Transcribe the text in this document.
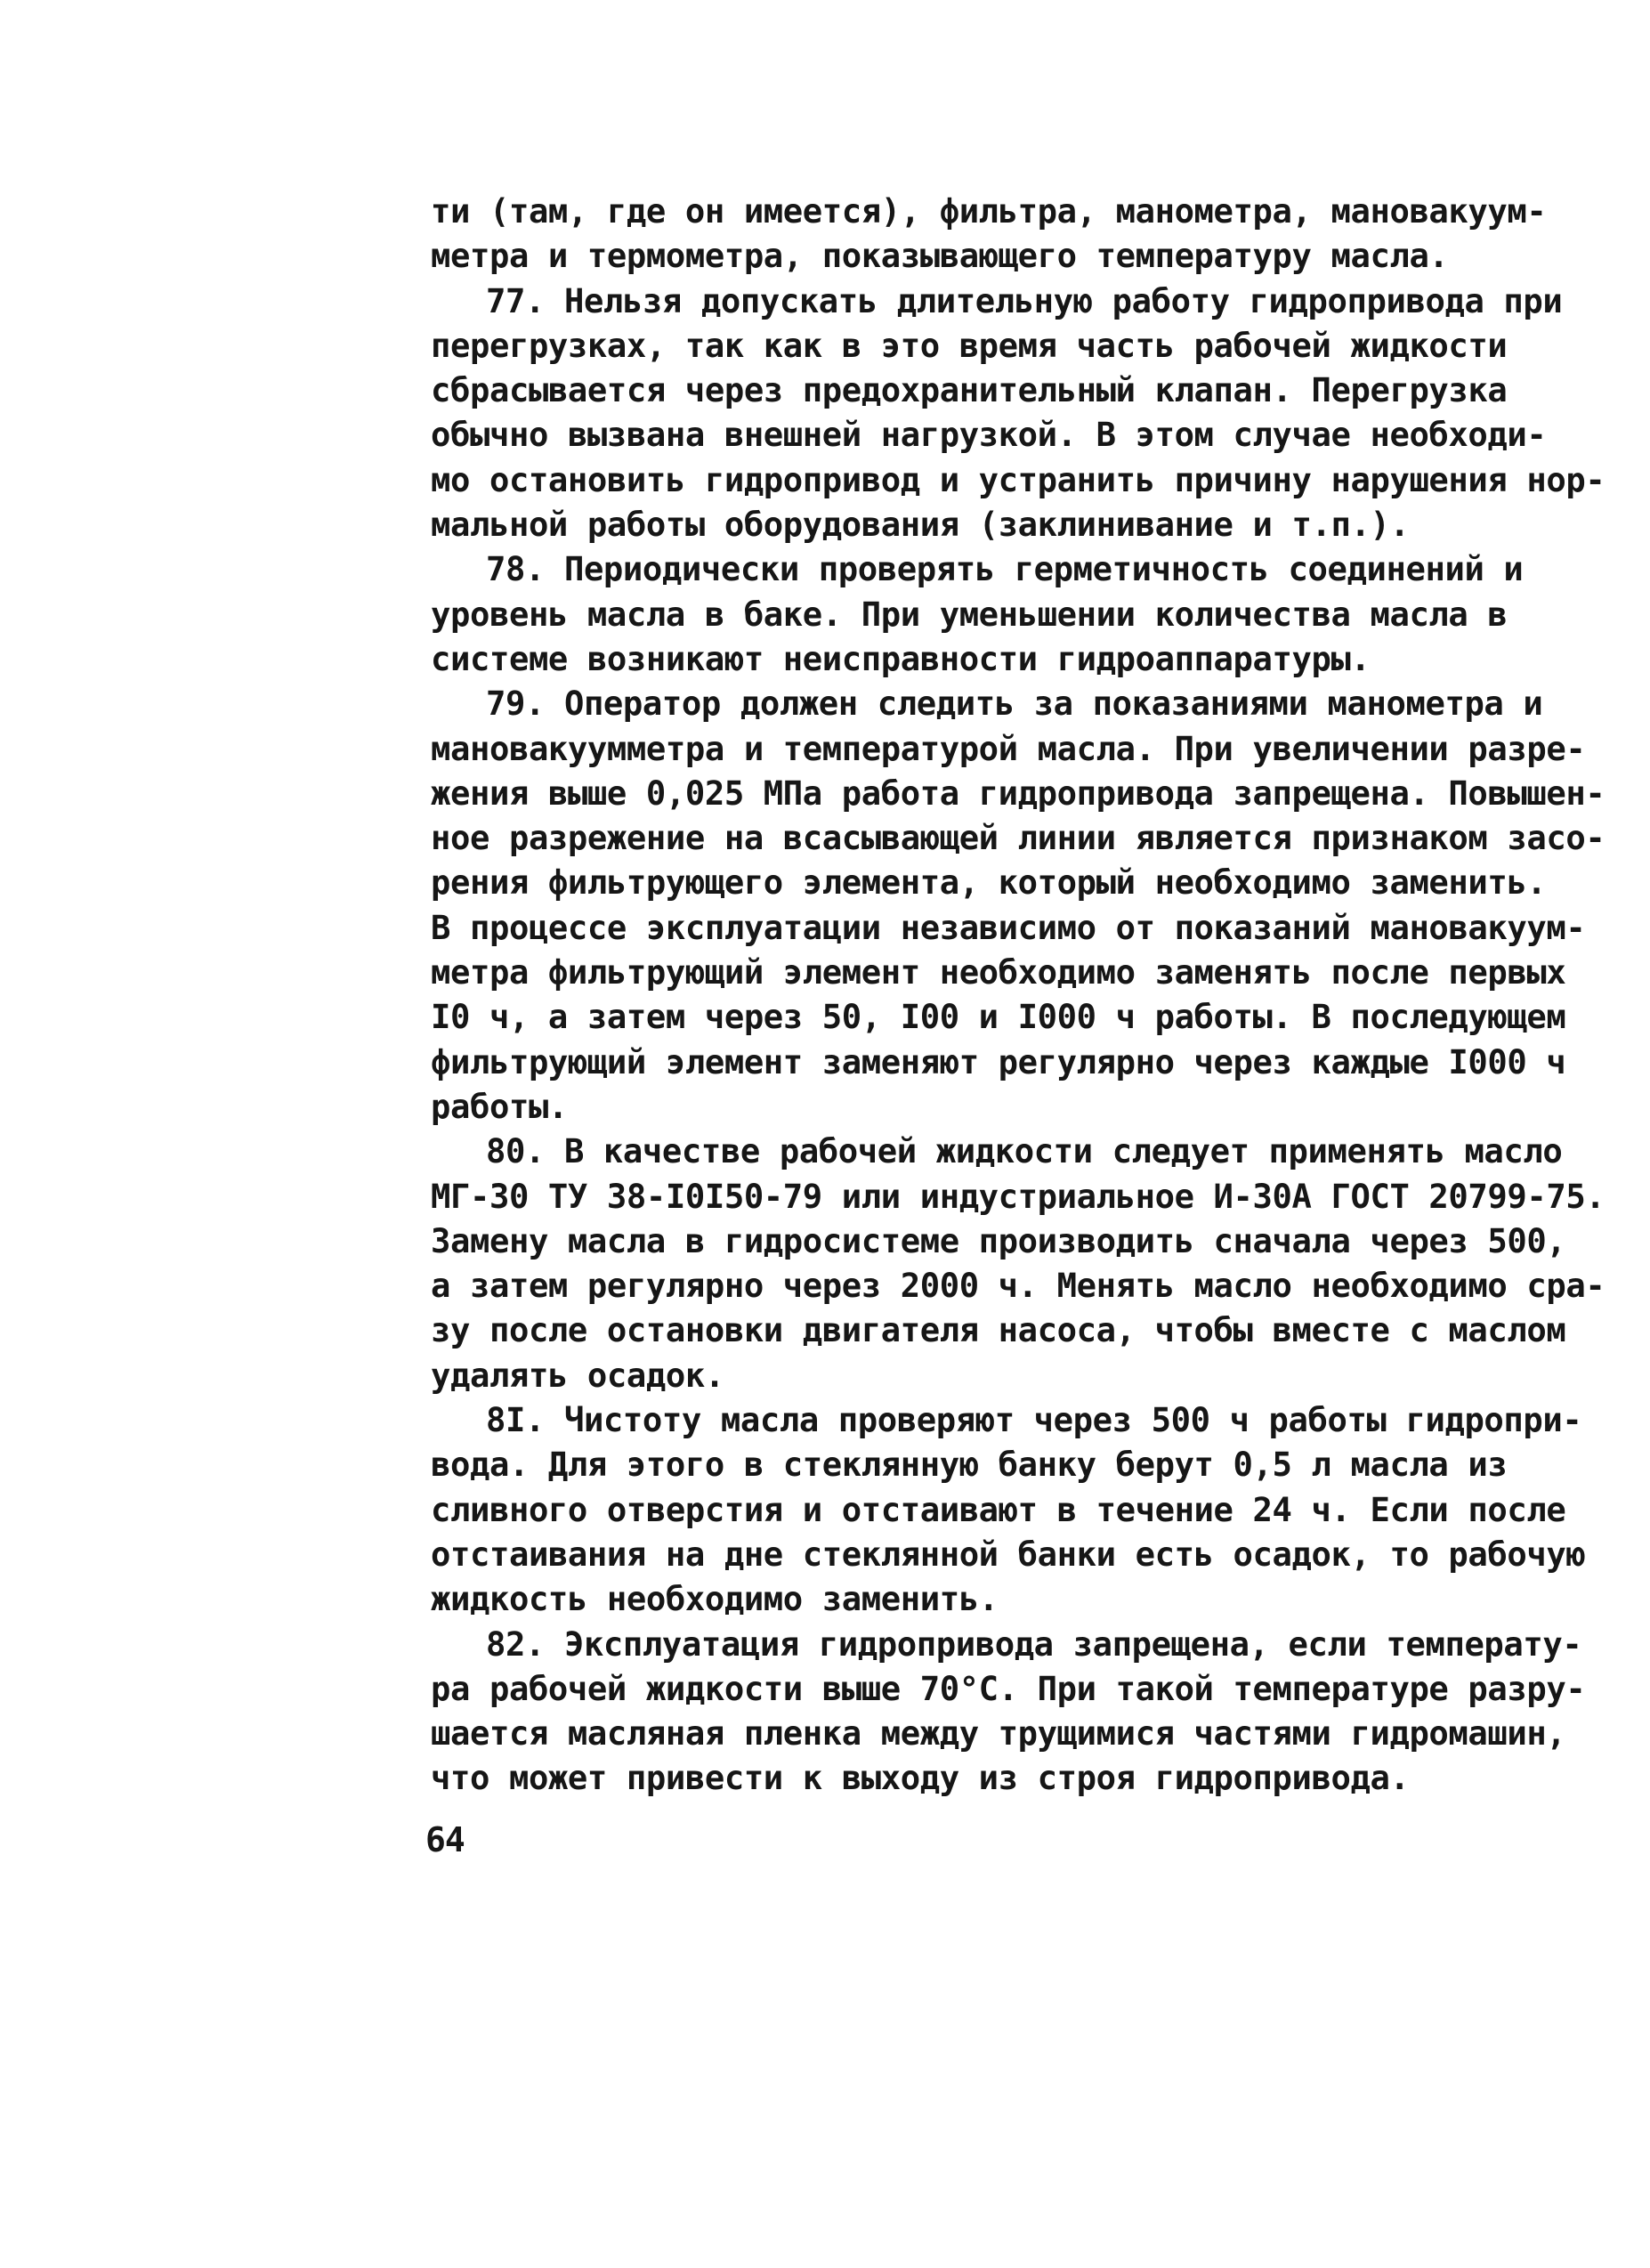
ти (там, где он имеется), фильтра, манометра, мановакуум-
метра и термометра, показывающего температуру масла.
77. Нельзя допускать длительную работу гидропривода при
перегрузках, так как в это время часть рабочей жидкости
сбрасывается через предохранительный клапан. Перегрузка
обычно вызвана внешней нагрузкой. В этом случае необходи-
мо остановить гидропривод и устранить причину нарушения нор-
мальной работы оборудования (заклинивание и т.п.).
78. Периодически проверять герметичность соединений и
уровень масла в баке. При уменьшении количества масла в
системе возникают неисправности гидроаппаратуры.
79. Оператор должен следить за показаниями манометра и
мановакуумметра и температурой масла. При увеличении разре-
жения выше 0,025 МПа работа гидропривода запрещена. Повышен-
ное разрежение на всасывающей линии является признаком засо-
рения фильтрующего элемента, который необходимо заменить.
В процессе эксплуатации независимо от показаний мановакуум-
метра фильтрующий элемент необходимо заменять после первых
I0 ч, а затем через 50, I00 и I000 ч работы. В последующем
фильтрующий элемент заменяют регулярно через каждые I000 ч
работы.
80. В качестве рабочей жидкости следует применять масло
МГ-30 ТУ 38-I0I50-79 или индустриальное И-30А ГОСТ 20799-75.
Замену масла в гидросистеме производить сначала через 500,
а затем регулярно через 2000 ч. Менять масло необходимо сра-
зу после остановки двигателя насоса, чтобы вместе с маслом
удалять осадок.
8I. Чистоту масла проверяют через 500 ч работы гидропри-
вода. Для этого в стеклянную банку берут 0,5 л масла из
сливного отверстия и отстаивают в течение 24 ч. Если после
отстаивания на дне стеклянной банки есть осадок, то рабочую
жидкость необходимо заменить.
82. Эксплуатация гидропривода запрещена, если температу-
ра рабочей жидкости выше 70°С. При такой температуре разру-
шается масляная пленка между трущимися частями гидромашин,
что может привести к выходу из строя гидропривода.
64
